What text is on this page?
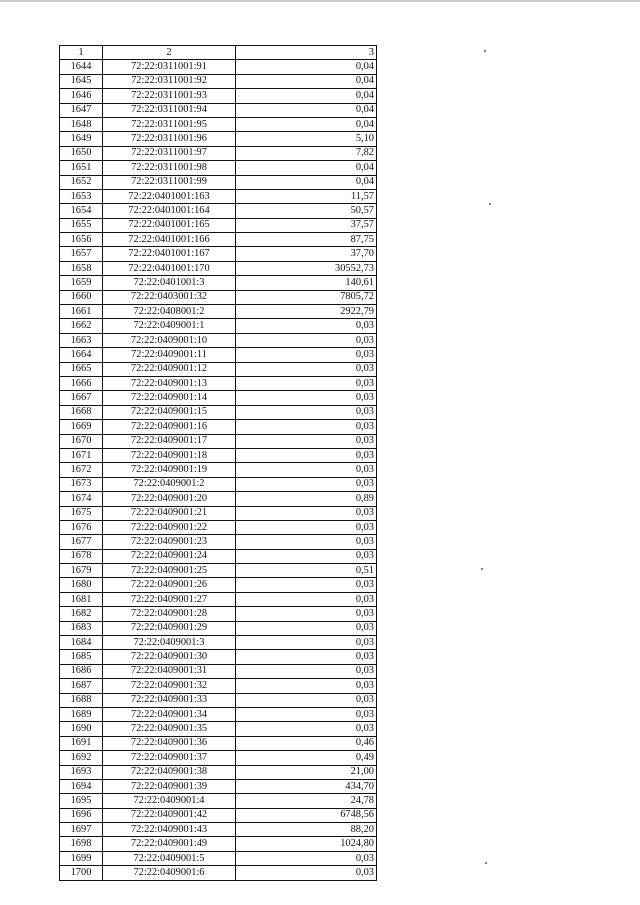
1	2	3
1644	72:22:0311001:91	0,04
1645	72:22:0311001:92	0,04
1646	72:22:0311001:93	0,04
1647	72:22:0311001:94	0,04
1648	72:22:0311001:95	0,04
1649	72:22:0311001:96	5,10
1650	72:22:0311001:97	7,82
1651	72:22:0311001:98	0,04
1652	72:22:0311001:99	0,04
1653	72:22:0401001:163	11,57
1654	72:22:0401001:164	50,57
1655	72:22:0401001:165	37,57
1656	72:22:0401001:166	87,75
1657	72:22:0401001:167	37,70
1658	72:22:0401001:170	30552,73
1659	72:22:0401001:3	140,61
1660	72:22:0403001:32	7805,72
1661	72:22:0408001:2	2922,79
1662	72:22:0409001:1	0,03
1663	72:22:0409001:10	0,03
1664	72:22:0409001:11	0,03
1665	72:22:0409001:12	0,03
1666	72:22:0409001:13	0,03
1667	72:22:0409001:14	0,03
1668	72:22:0409001:15	0,03
1669	72:22:0409001:16	0,03
1670	72:22:0409001:17	0,03
1671	72:22:0409001:18	0,03
1672	72:22:0409001:19	0,03
1673	72:22:0409001:2	0,03
1674	72:22:0409001:20	0,89
1675	72:22:0409001:21	0,03
1676	72:22:0409001:22	0,03
1677	72:22:0409001:23	0,03
1678	72:22:0409001:24	0,03
1679	72:22:0409001:25	0,51
1680	72:22:0409001:26	0,03
1681	72:22:0409001:27	0,03
1682	72:22:0409001:28	0,03
1683	72:22:0409001:29	0,03
1684	72:22:0409001:3	0,03
1685	72:22:0409001:30	0,03
1686	72:22:0409001:31	0,03
1687	72:22:0409001:32	0,03
1688	72:22:0409001:33	0,03
1689	72:22:0409001:34	0,03
1690	72:22:0409001:35	0,03
1691	72:22:0409001:36	0,46
1692	72:22:0409001:37	0,49
1693	72:22:0409001:38	21,00
1694	72:22:0409001:39	434,70
1695	72:22:0409001:4	24,78
1696	72:22:0409001:42	6748,56
1697	72:22:0409001:43	88,20
1698	72:22:0409001:49	1024,80
1699	72:22:0409001:5	0,03
1700	72:22:0409001:6	0,03
